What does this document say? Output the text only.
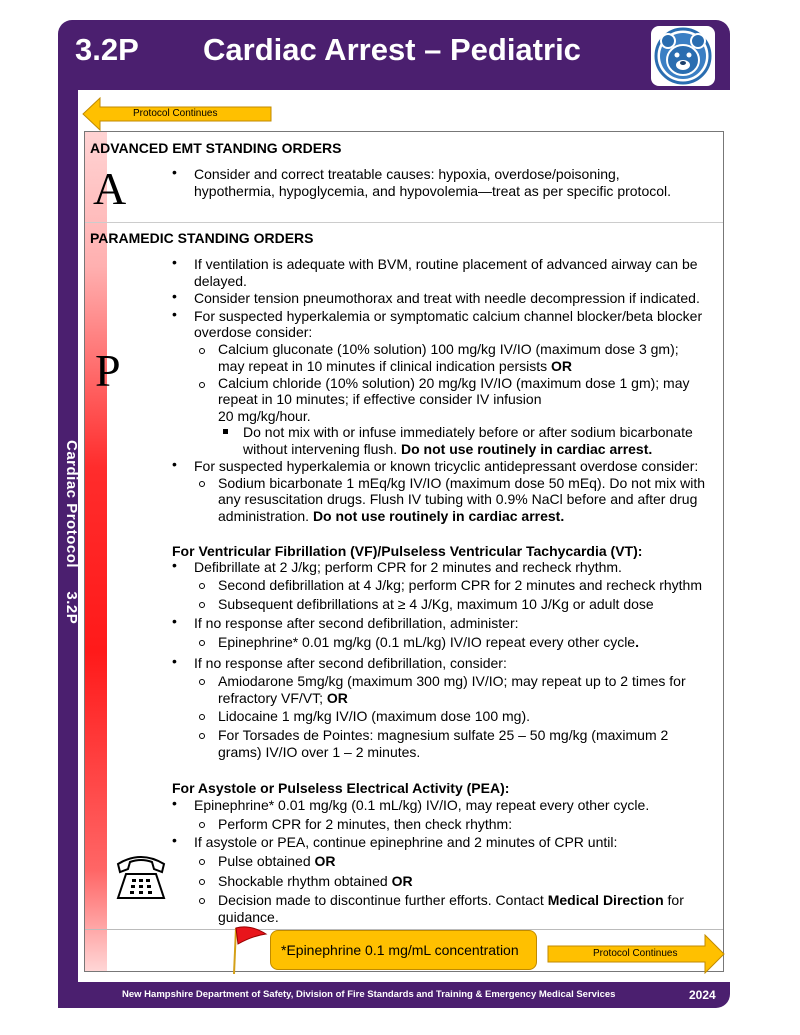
3.2P Cardiac Arrest – Pediatric
Cardiac Protocol     3.2P
New Hampshire Department of Safety, Division of Fire Standards and Training & Emergency Medical Services	2024
Protocol Continues
ADVANCED EMT STANDING ORDERS
A	• Consider and correct treatable causes: hypoxia, overdose/poisoning,
hypothermia, hypoglycemia, and hypovolemia—treat as per specific protocol.
PARAMEDIC STANDING ORDERS
P
• If ventilation is adequate with BVM, routine placement of advanced airway can be
delayed.
• Consider tension pneumothorax and treat with needle decompression if indicated.
• For suspected hyperkalemia or symptomatic calcium channel blocker/beta blocker
overdose consider:
Calcium gluconate (10% solution) 100 mg/kg IV/IO (maximum dose 3 gm);
may repeat in 10 minutes if clinical indication persists OR
Calcium chloride (10% solution) 20 mg/kg IV/IO (maximum dose 1 gm); may
repeat in 10 minutes; if effective consider IV infusion
20 mg/kg/hour.
Do not mix with or infuse immediately before or after sodium bicarbonate
without intervening flush. Do not use routinely in cardiac arrest.
• For suspected hyperkalemia or known tricyclic antidepressant overdose consider:
Sodium bicarbonate 1 mEq/kg IV/IO (maximum dose 50 mEq). Do not mix with
any resuscitation drugs. Flush IV tubing with 0.9% NaCl before and after drug
administration. Do not use routinely in cardiac arrest.
For Ventricular Fibrillation (VF)/Pulseless Ventricular Tachycardia (VT):
• Defibrillate at 2 J/kg; perform CPR for 2 minutes and recheck rhythm.
Second defibrillation at 4 J/kg; perform CPR for 2 minutes and recheck rhythm
Subsequent defibrillations at ≥ 4 J/Kg, maximum 10 J/Kg or adult dose
• If no response after second defibrillation, administer:
Epinephrine* 0.01 mg/kg (0.1 mL/kg) IV/IO repeat every other cycle.
• If no response after second defibrillation, consider:
Amiodarone 5mg/kg (maximum 300 mg) IV/IO; may repeat up to 2 times for
refractory VF/VT; OR
Lidocaine 1 mg/kg IV/IO (maximum dose 100 mg).
For Torsades de Pointes: magnesium sulfate 25 – 50 mg/kg (maximum 2
grams) IV/IO over 1 – 2 minutes.
For Asystole or Pulseless Electrical Activity (PEA):
• Epinephrine* 0.01 mg/kg (0.1 mL/kg) IV/IO, may repeat every other cycle.
Perform CPR for 2 minutes, then check rhythm:
• If asystole or PEA, continue epinephrine and 2 minutes of CPR until:
Pulse obtained OR
Shockable rhythm obtained OR
Decision made to discontinue further efforts. Contact Medical Direction for
guidance.
*Epinephrine 0.1 mg/mL concentration	Protocol Continues
